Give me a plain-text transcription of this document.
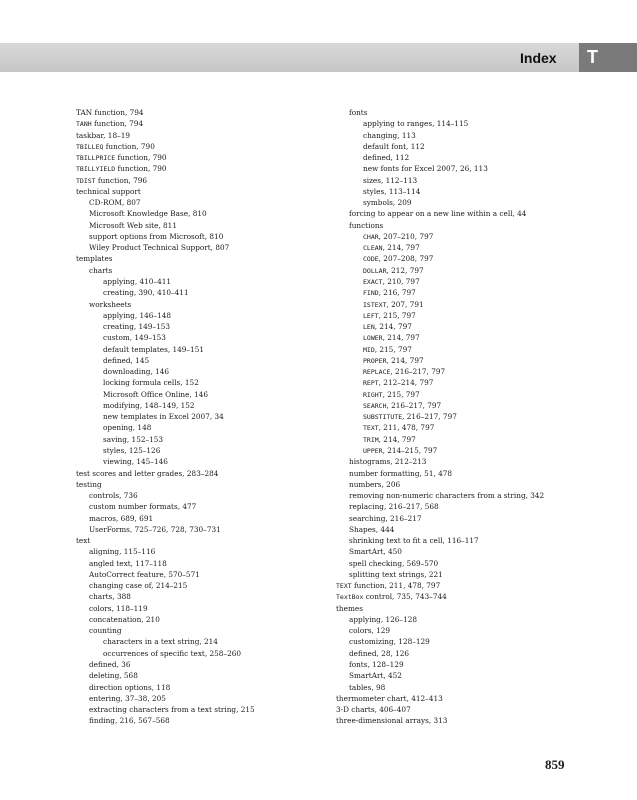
Index	T
TAN function, 794
TANH function, 794
taskbar, 18–19
TBILLEQ function, 790
TBILLPRICE function, 790
TBILLYIELD function, 790
TDIST function, 796
technical support
CD-ROM, 807
Microsoft Knowledge Base, 810
Microsoft Web site, 811
support options from Microsoft, 810
Wiley Product Technical Support, 807
templates
charts
applying, 410–411
creating, 390, 410–411
worksheets
applying, 146–148
creating, 149–153
custom, 149–153
default templates, 149–151
defined, 145
downloading, 146
locking formula cells, 152
Microsoft Office Online, 146
modifying, 148–149, 152
new templates in Excel 2007, 34
opening, 148
saving, 152–153
styles, 125–126
viewing, 145–146
test scores and letter grades, 283–284
testing
controls, 736
custom number formats, 477
macros, 689, 691
UserForms, 725–726, 728, 730–731
text
aligning, 115–116
angled text, 117–118
AutoCorrect feature, 570–571
changing case of, 214–215
charts, 388
colors, 118–119
concatenation, 210
counting
characters in a text string, 214
occurrences of specific text, 258–260
defined, 36
deleting, 568
direction options, 118
entering, 37–38, 205
extracting characters from a text string, 215
finding, 216, 567–568
fonts
applying to ranges, 114–115
changing, 113
default font, 112
defined, 112
new fonts for Excel 2007, 26, 113
sizes, 112–113
styles, 113–114
symbols, 209
forcing to appear on a new line within a cell, 44
functions
CHAR, 207–210, 797
CLEAN, 214, 797
CODE, 207–208, 797
DOLLAR, 212, 797
EXACT, 210, 797
FIND, 216, 797
ISTEXT, 207, 791
LEFT, 215, 797
LEN, 214, 797
LOWER, 214, 797
MID, 215, 797
PROPER, 214, 797
REPLACE, 216–217, 797
REPT, 212–214, 797
RIGHT, 215, 797
SEARCH, 216–217, 797
SUBSTITUTE, 216–217, 797
TEXT, 211, 478, 797
TRIM, 214, 797
UPPER, 214–215, 797
histograms, 212–213
number formatting, 51, 478
numbers, 206
removing non-numeric characters from a string, 342
replacing, 216–217, 568
searching, 216–217
Shapes, 444
shrinking text to fit a cell, 116–117
SmartArt, 450
spell checking, 569–570
splitting text strings, 221
TEXT function, 211, 478, 797
TextBox control, 735, 743–744
themes
applying, 126–128
colors, 129
customizing, 128–129
defined, 28, 126
fonts, 128–129
SmartArt, 452
tables, 98
thermometer chart, 412–413
3-D charts, 406–407
three-dimensional arrays, 313
859
